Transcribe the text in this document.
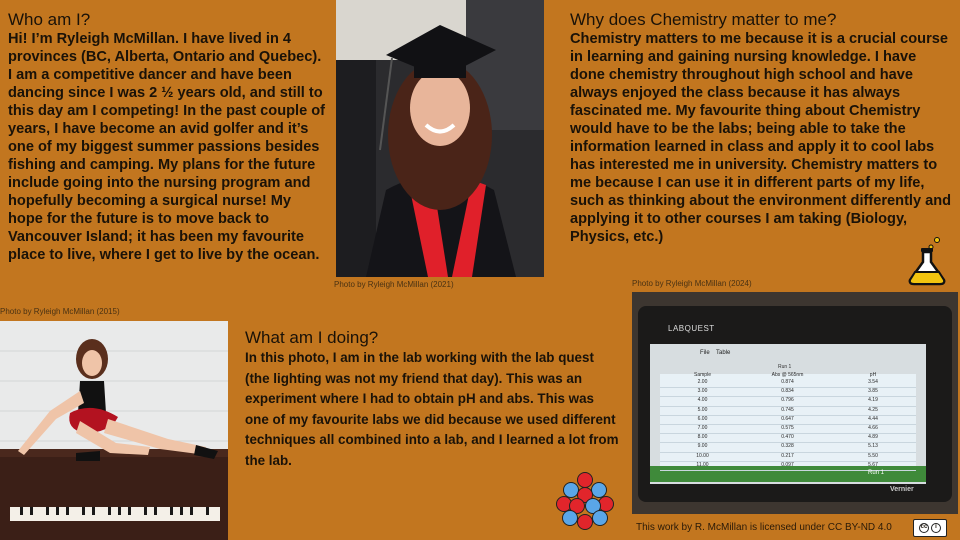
Who am I?
Hi! I’m Ryleigh McMillan. I have lived in 4 provinces (BC, Alberta, Ontario and Quebec). I am a competitive dancer and have been dancing since I was 2 ½ years old, and still to this day am I competing! In the past couple of years, I have become an avid golfer and it’s one of my biggest summer passions besides fishing and camping. My plans for the future include going into the nursing program and hopefully becoming a surgical nurse! My hope for the future is to move back to Vancouver Island; it has been my favourite place to live, where I get to live by the ocean.
Photo by Ryleigh McMillan (2021)
Why does Chemistry matter to me?
Chemistry matters to me because it is a crucial course in learning and gaining nursing knowledge. I have done chemistry throughout high school and have always enjoyed the class because it has always fascinated me. My favourite thing about Chemistry would have to be the labs; being able to take the information learned in class and apply it to cool labs has interested me in university. Chemistry matters to me because I can use it in different parts of my life, such as thinking about the environment differently and applying it to other courses I am taking (Biology, Physics, etc.)
Photo by Ryleigh McMillan (2024)
LABQUEST
File Table
Run 1
Sample	Abs @ 565nm	pH
2.00	0.874	3.54
3.00	0.834	3.85
4.00	0.796	4.19
5.00	0.745	4.25
6.00	0.647	4.44
7.00	0.575	4.66
8.00	0.470	4.89
9.00	0.328	5.13
10.00	0.217	5.50
11.00	0.097	5.67
Run 1
Vernier
Photo by Ryleigh McMillan (2015)
What am I doing?
In this photo, I am in the lab working with the lab quest (the lighting was not my friend that day). This was an experiment where I had to obtain pH and abs. This was one of my favourite labs we did because we used different techniques all combined into a lab, and I learned a lot from the lab.
This work by R. McMillan is licensed under CC BY-ND 4.0	cc	i
